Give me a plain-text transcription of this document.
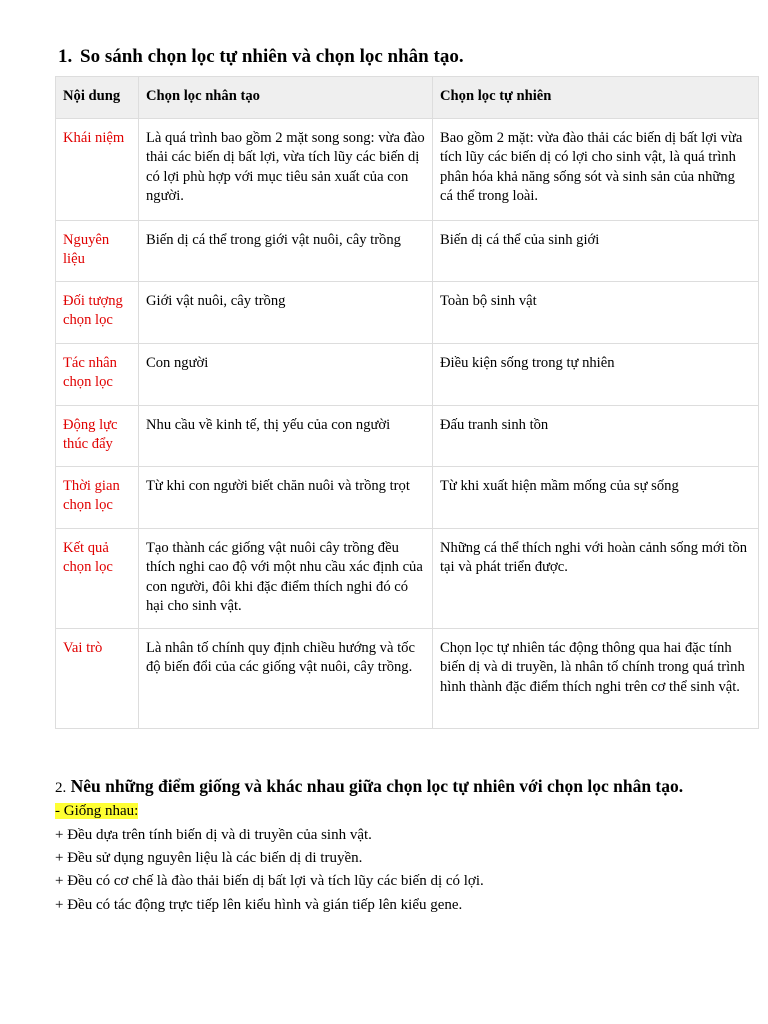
1. So sánh chọn lọc tự nhiên và chọn lọc nhân tạo.
Nội dung	Chọn lọc nhân tạo	Chọn lọc tự nhiên
Khái niệm	Là quá trình bao gồm 2 mặt song song: vừa đào thải các biến dị bất lợi, vừa tích lũy các biến dị có lợi phù hợp với mục tiêu sản xuất của con người.	Bao gồm 2 mặt: vừa đào thải các biến dị bất lợi vừa tích lũy các biến dị có lợi cho sinh vật, là quá trình phân hóa khả năng sống sót và sinh sản của những cá thể trong loài.
Nguyên liệu	Biến dị cá thể trong giới vật nuôi, cây trồng	Biến dị cá thể của sinh giới
Đối tượng chọn lọc	Giới vật nuôi, cây trồng	Toàn bộ sinh vật
Tác nhân chọn lọc	Con người	Điều kiện sống trong tự nhiên
Động lực thúc đẩy	Nhu cầu về kinh tế, thị yếu của con người	Đấu tranh sinh tồn
Thời gian chọn lọc	Từ khi con người biết chăn nuôi và trồng trọt	Từ khi xuất hiện mầm mống của sự sống
Kết quả chọn lọc	Tạo thành các giống vật nuôi cây trồng đều thích nghi cao độ với một nhu cầu xác định của con người, đôi khi đặc điểm thích nghi đó có hại cho sinh vật.	Những cá thể thích nghi với hoàn cảnh sống mới tồn tại và phát triển được.
Vai trò	Là nhân tố chính quy định chiều hướng và tốc độ biến đổi của các giống vật nuôi, cây trồng.	Chọn lọc tự nhiên tác động thông qua hai đặc tính biến dị và di truyền, là nhân tố chính trong quá trình hình thành đặc điểm thích nghi trên cơ thể sinh vật.
2. Nêu những điểm giống và khác nhau giữa chọn lọc tự nhiên với chọn lọc nhân tạo.
- Giống nhau:
+ Đều dựa trên tính biến dị và di truyền của sinh vật.
+ Đều sử dụng nguyên liệu là các biến dị di truyền.
+ Đều có cơ chế là đào thải biến dị bất lợi và tích lũy các biến dị có lợi.
+ Đều có tác động trực tiếp lên kiểu hình và gián tiếp lên kiểu gene.
